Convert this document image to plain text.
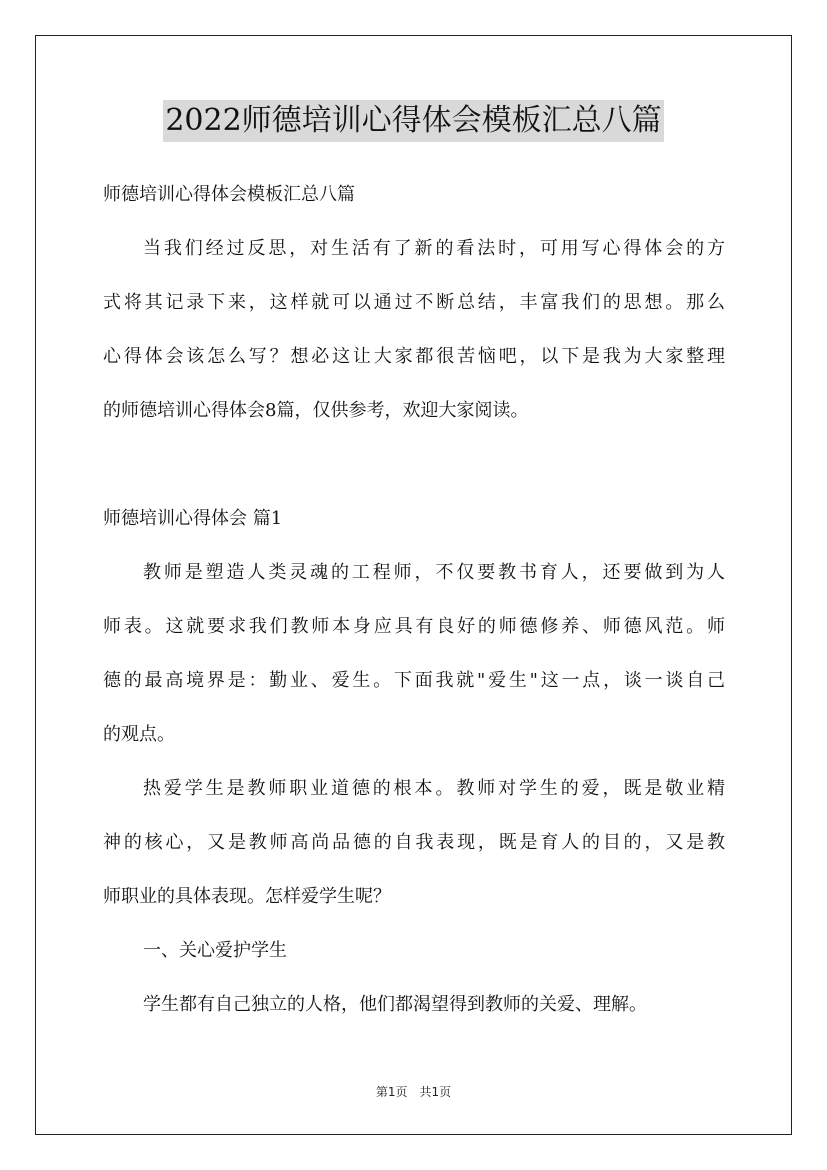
2022师德培训心得体会模板汇总八篇
师德培训心得体会模板汇总八篇
当我们经过反思，对生活有了新的看法时，可用写心得体会的方
式将其记录下来，这样就可以通过不断总结，丰富我们的思想。那么
心得体会该怎么写？想必这让大家都很苦恼吧，以下是我为大家整理
的师德培训心得体会8篇，仅供参考，欢迎大家阅读。
师德培训心得体会 篇1
教师是塑造人类灵魂的工程师，不仅要教书育人，还要做到为人
师表。这就要求我们教师本身应具有良好的师德修养、师德风范。师
德的最高境界是：勤业、爱生。下面我就"爱生"这一点，谈一谈自己
的观点。
热爱学生是教师职业道德的根本。教师对学生的爱，既是敬业精
神的核心，又是教师高尚品德的自我表现，既是育人的目的，又是教
师职业的具体表现。怎样爱学生呢？
一、关心爱护学生
学生都有自己独立的人格，他们都渴望得到教师的关爱、理解。
第1页　共1页
